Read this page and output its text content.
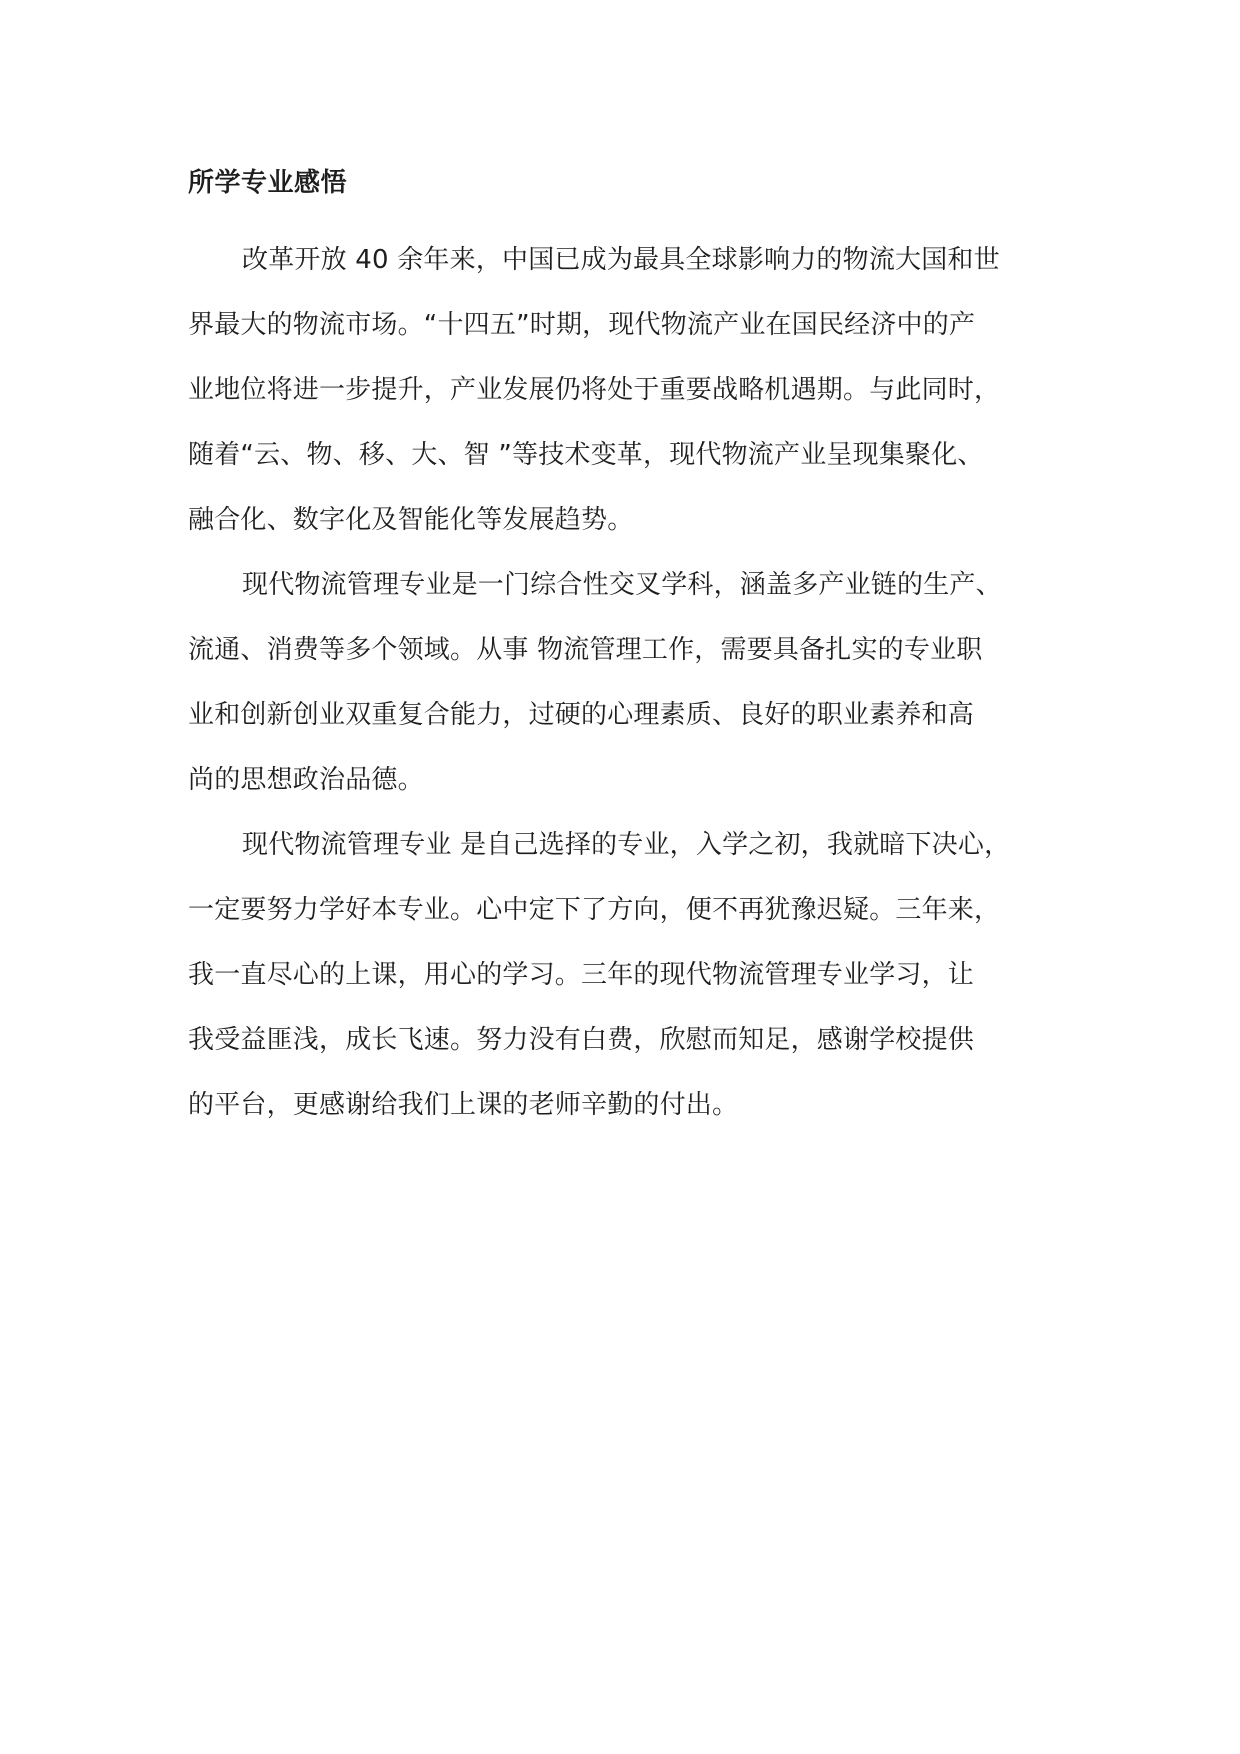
所学专业感悟

改革开放 40 余年来，中国已成为最具全球影响力的物流大国和世
界最大的物流市场。“十四五”时期，现代物流产业在国民经济中的产
业地位将进一步提升，产业发展仍将处于重要战略机遇期。与此同时，
随着“云、物、移、大、智 ”等技术变革，现代物流产业呈现集聚化、
融合化、数字化及智能化等发展趋势。

现代物流管理专业是一门综合性交叉学科，涵盖多产业链的生产、
流通、消费等多个领域。从事 物流管理工作，需要具备扎实的专业职
业和创新创业双重复合能力，过硬的心理素质、良好的职业素养和高
尚的思想政治品德。

现代物流管理专业 是自己选择的专业，入学之初，我就暗下决心，
一定要努力学好本专业。心中定下了方向，便不再犹豫迟疑。三年来，
我一直尽心的上课，用心的学习。三年的现代物流管理专业学习，让
我受益匪浅，成长飞速。努力没有白费，欣慰而知足，感谢学校提供
的平台，更感谢给我们上课的老师辛勤的付出。
